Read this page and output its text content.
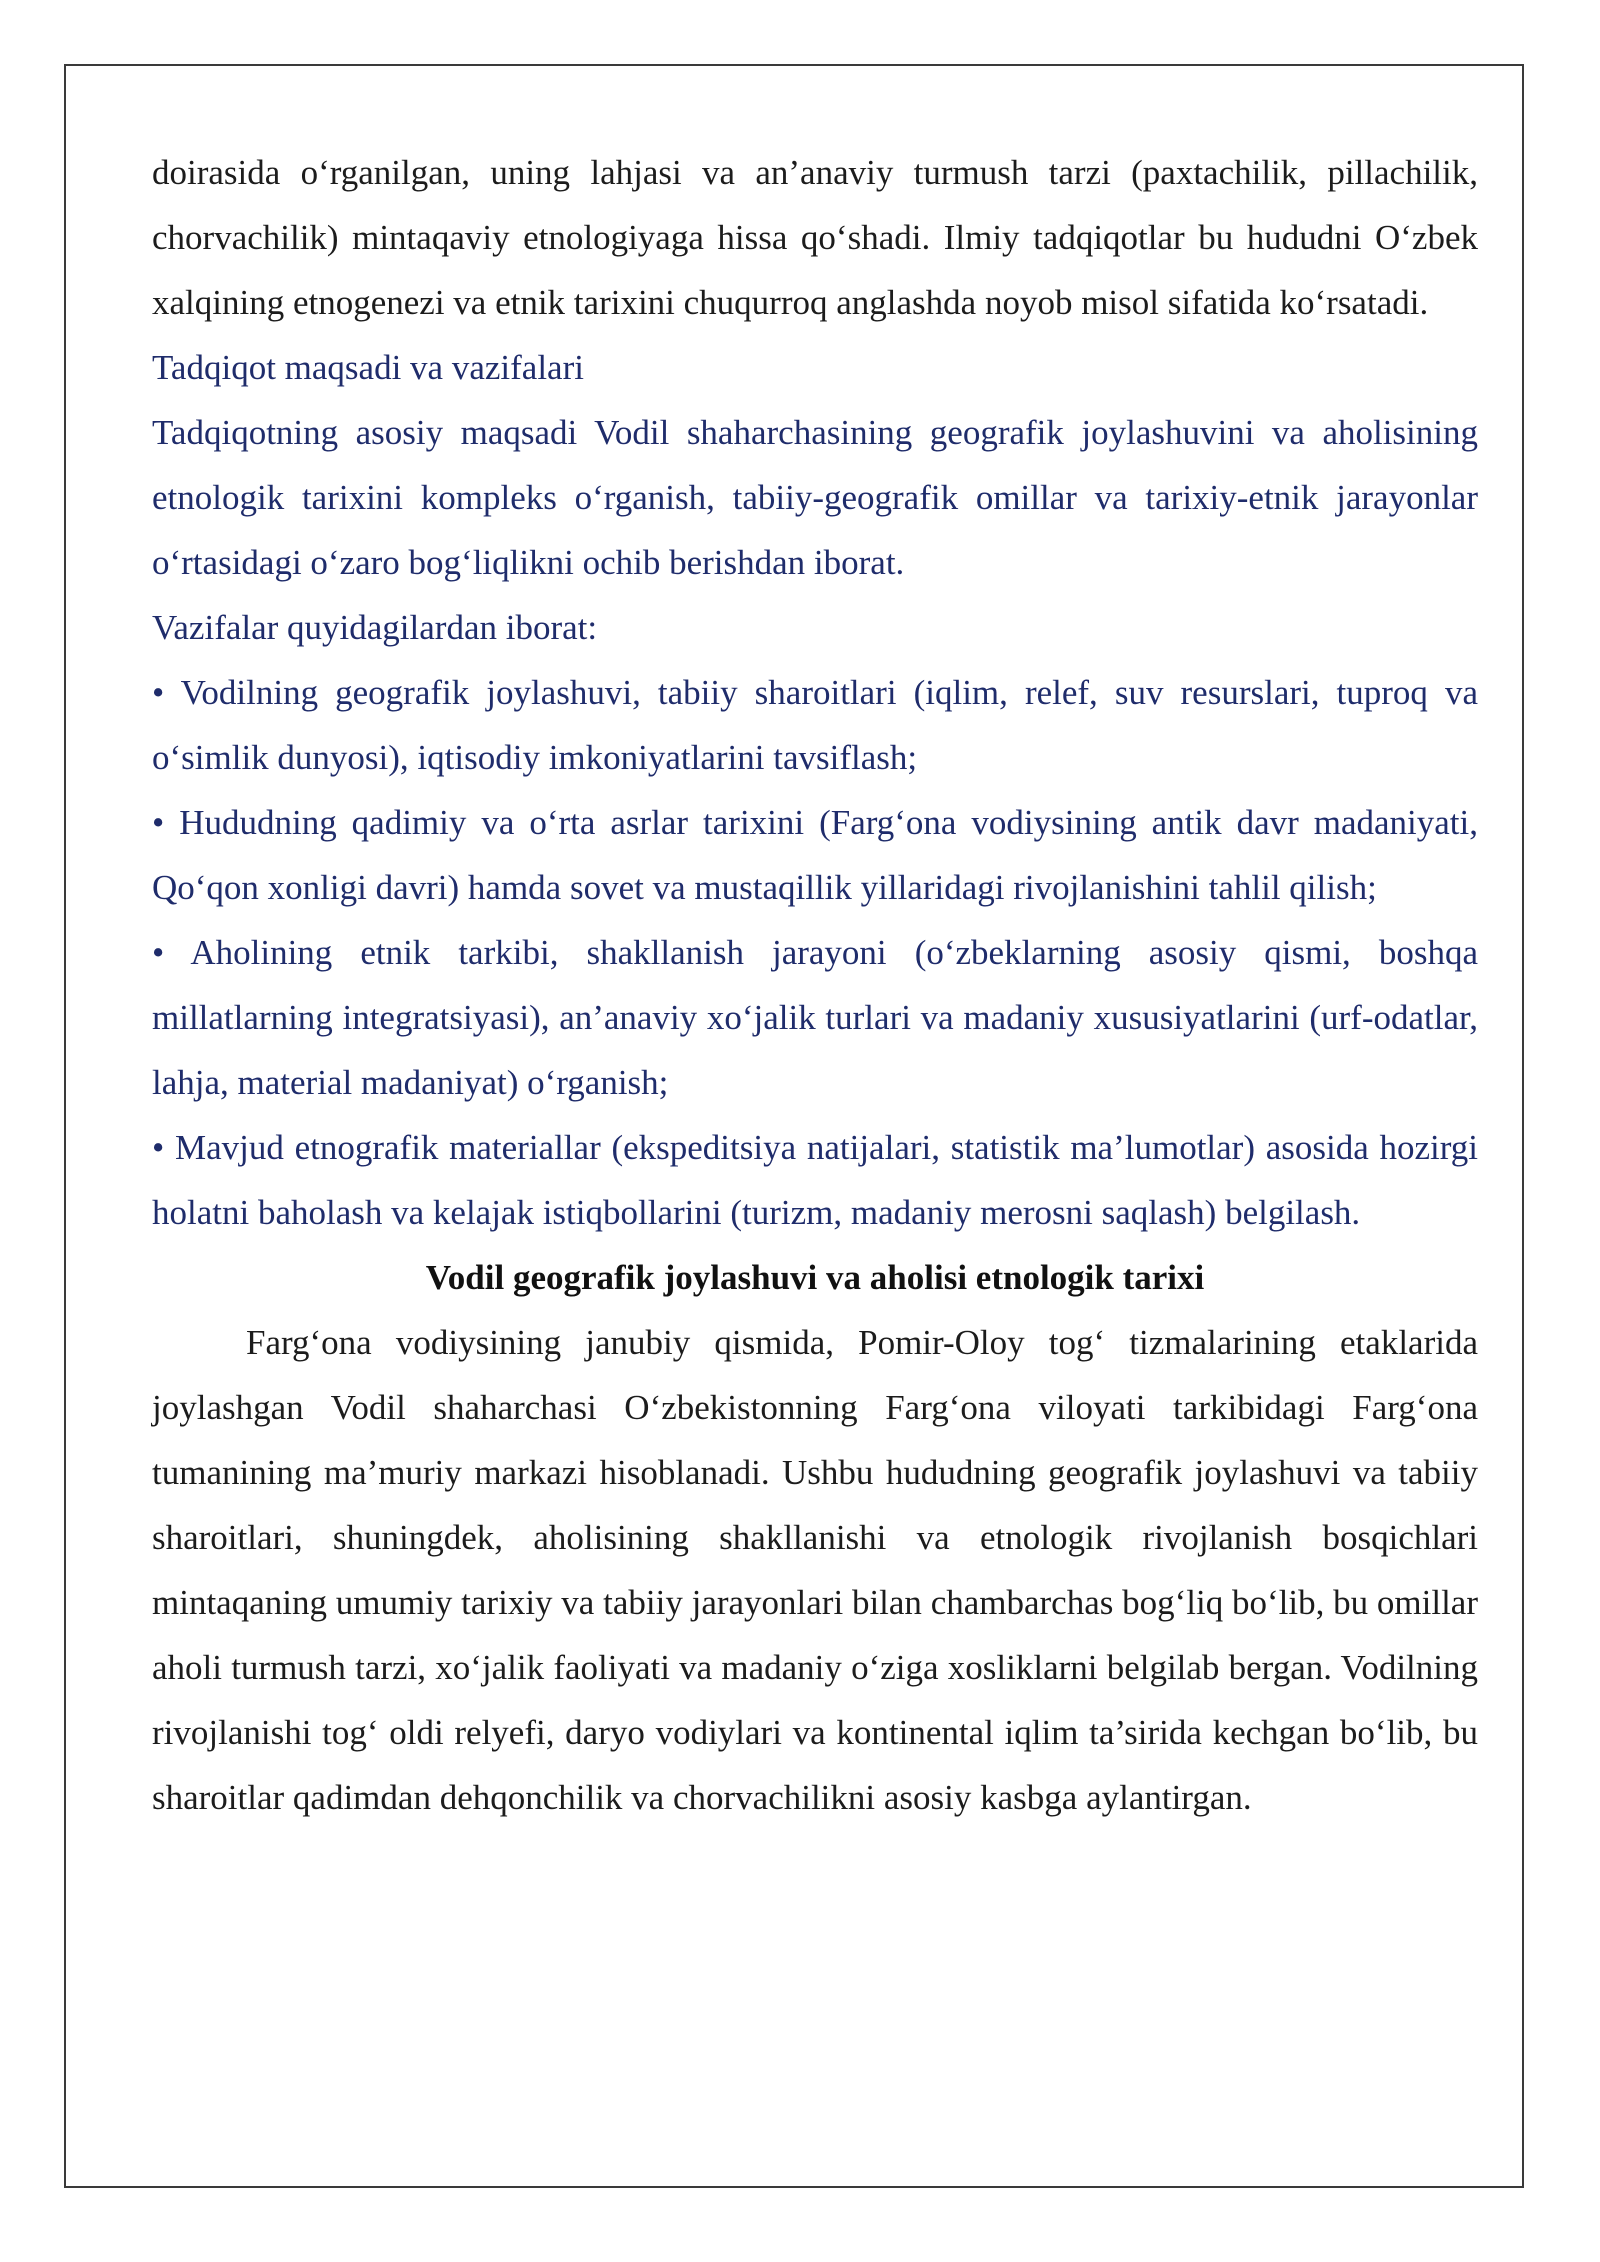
doirasida o‘rganilgan, uning lahjasi va an’anaviy turmush tarzi (paxtachilik, pillachilik, chorvachilik) mintaqaviy etnologiyaga hissa qo‘shadi. Ilmiy tadqiqotlar bu hududni O‘zbek xalqining etnogenezi va etnik tarixini chuqurroq anglashda noyob misol sifatida ko‘rsatadi.

Tadqiqot maqsadi va vazifalari

Tadqiqotning asosiy maqsadi Vodil shaharchasining geografik joylashuvini va aholisining etnologik tarixini kompleks o‘rganish, tabiiy-geografik omillar va tarixiy-etnik jarayonlar o‘rtasidagi o‘zaro bog‘liqlikni ochib berishdan iborat.

Vazifalar quyidagilardan iborat:

• Vodilning geografik joylashuvi, tabiiy sharoitlari (iqlim, relef, suv resurslari, tuproq va o‘simlik dunyosi), iqtisodiy imkoniyatlarini tavsiflash;

• Hududning qadimiy va o‘rta asrlar tarixini (Farg‘ona vodiysining antik davr madaniyati, Qo‘qon xonligi davri) hamda sovet va mustaqillik yillaridagi rivojlanishini tahlil qilish;

• Aholining etnik tarkibi, shakllanish jarayoni (o‘zbeklarning asosiy qismi, boshqa millatlarning integratsiyasi), an’anaviy xo‘jalik turlari va madaniy xususiyatlarini (urf-odatlar, lahja, material madaniyat) o‘rganish;

• Mavjud etnografik materiallar (ekspeditsiya natijalari, statistik ma’lumotlar) asosida hozirgi holatni baholash va kelajak istiqbollarini (turizm, madaniy merosni saqlash) belgilash.

Vodil geografik joylashuvi va aholisi etnologik tarixi

Farg‘ona vodiysining janubiy qismida, Pomir-Oloy tog‘ tizmalarining etaklarida joylashgan Vodil shaharchasi O‘zbekistonning Farg‘ona viloyati tarkibidagi Farg‘ona tumanining ma’muriy markazi hisoblanadi. Ushbu hududning geografik joylashuvi va tabiiy sharoitlari, shuningdek, aholisining shakllanishi va etnologik rivojlanish bosqichlari mintaqaning umumiy tarixiy va tabiiy jarayonlari bilan chambarchas bog‘liq bo‘lib, bu omillar aholi turmush tarzi, xo‘jalik faoliyati va madaniy o‘ziga xosliklarni belgilab bergan. Vodilning rivojlanishi tog‘ oldi relyefi, daryo vodiylari va kontinental iqlim ta’sirida kechgan bo‘lib, bu sharoitlar qadimdan dehqonchilik va chorvachilikni asosiy kasbga aylantirgan.
